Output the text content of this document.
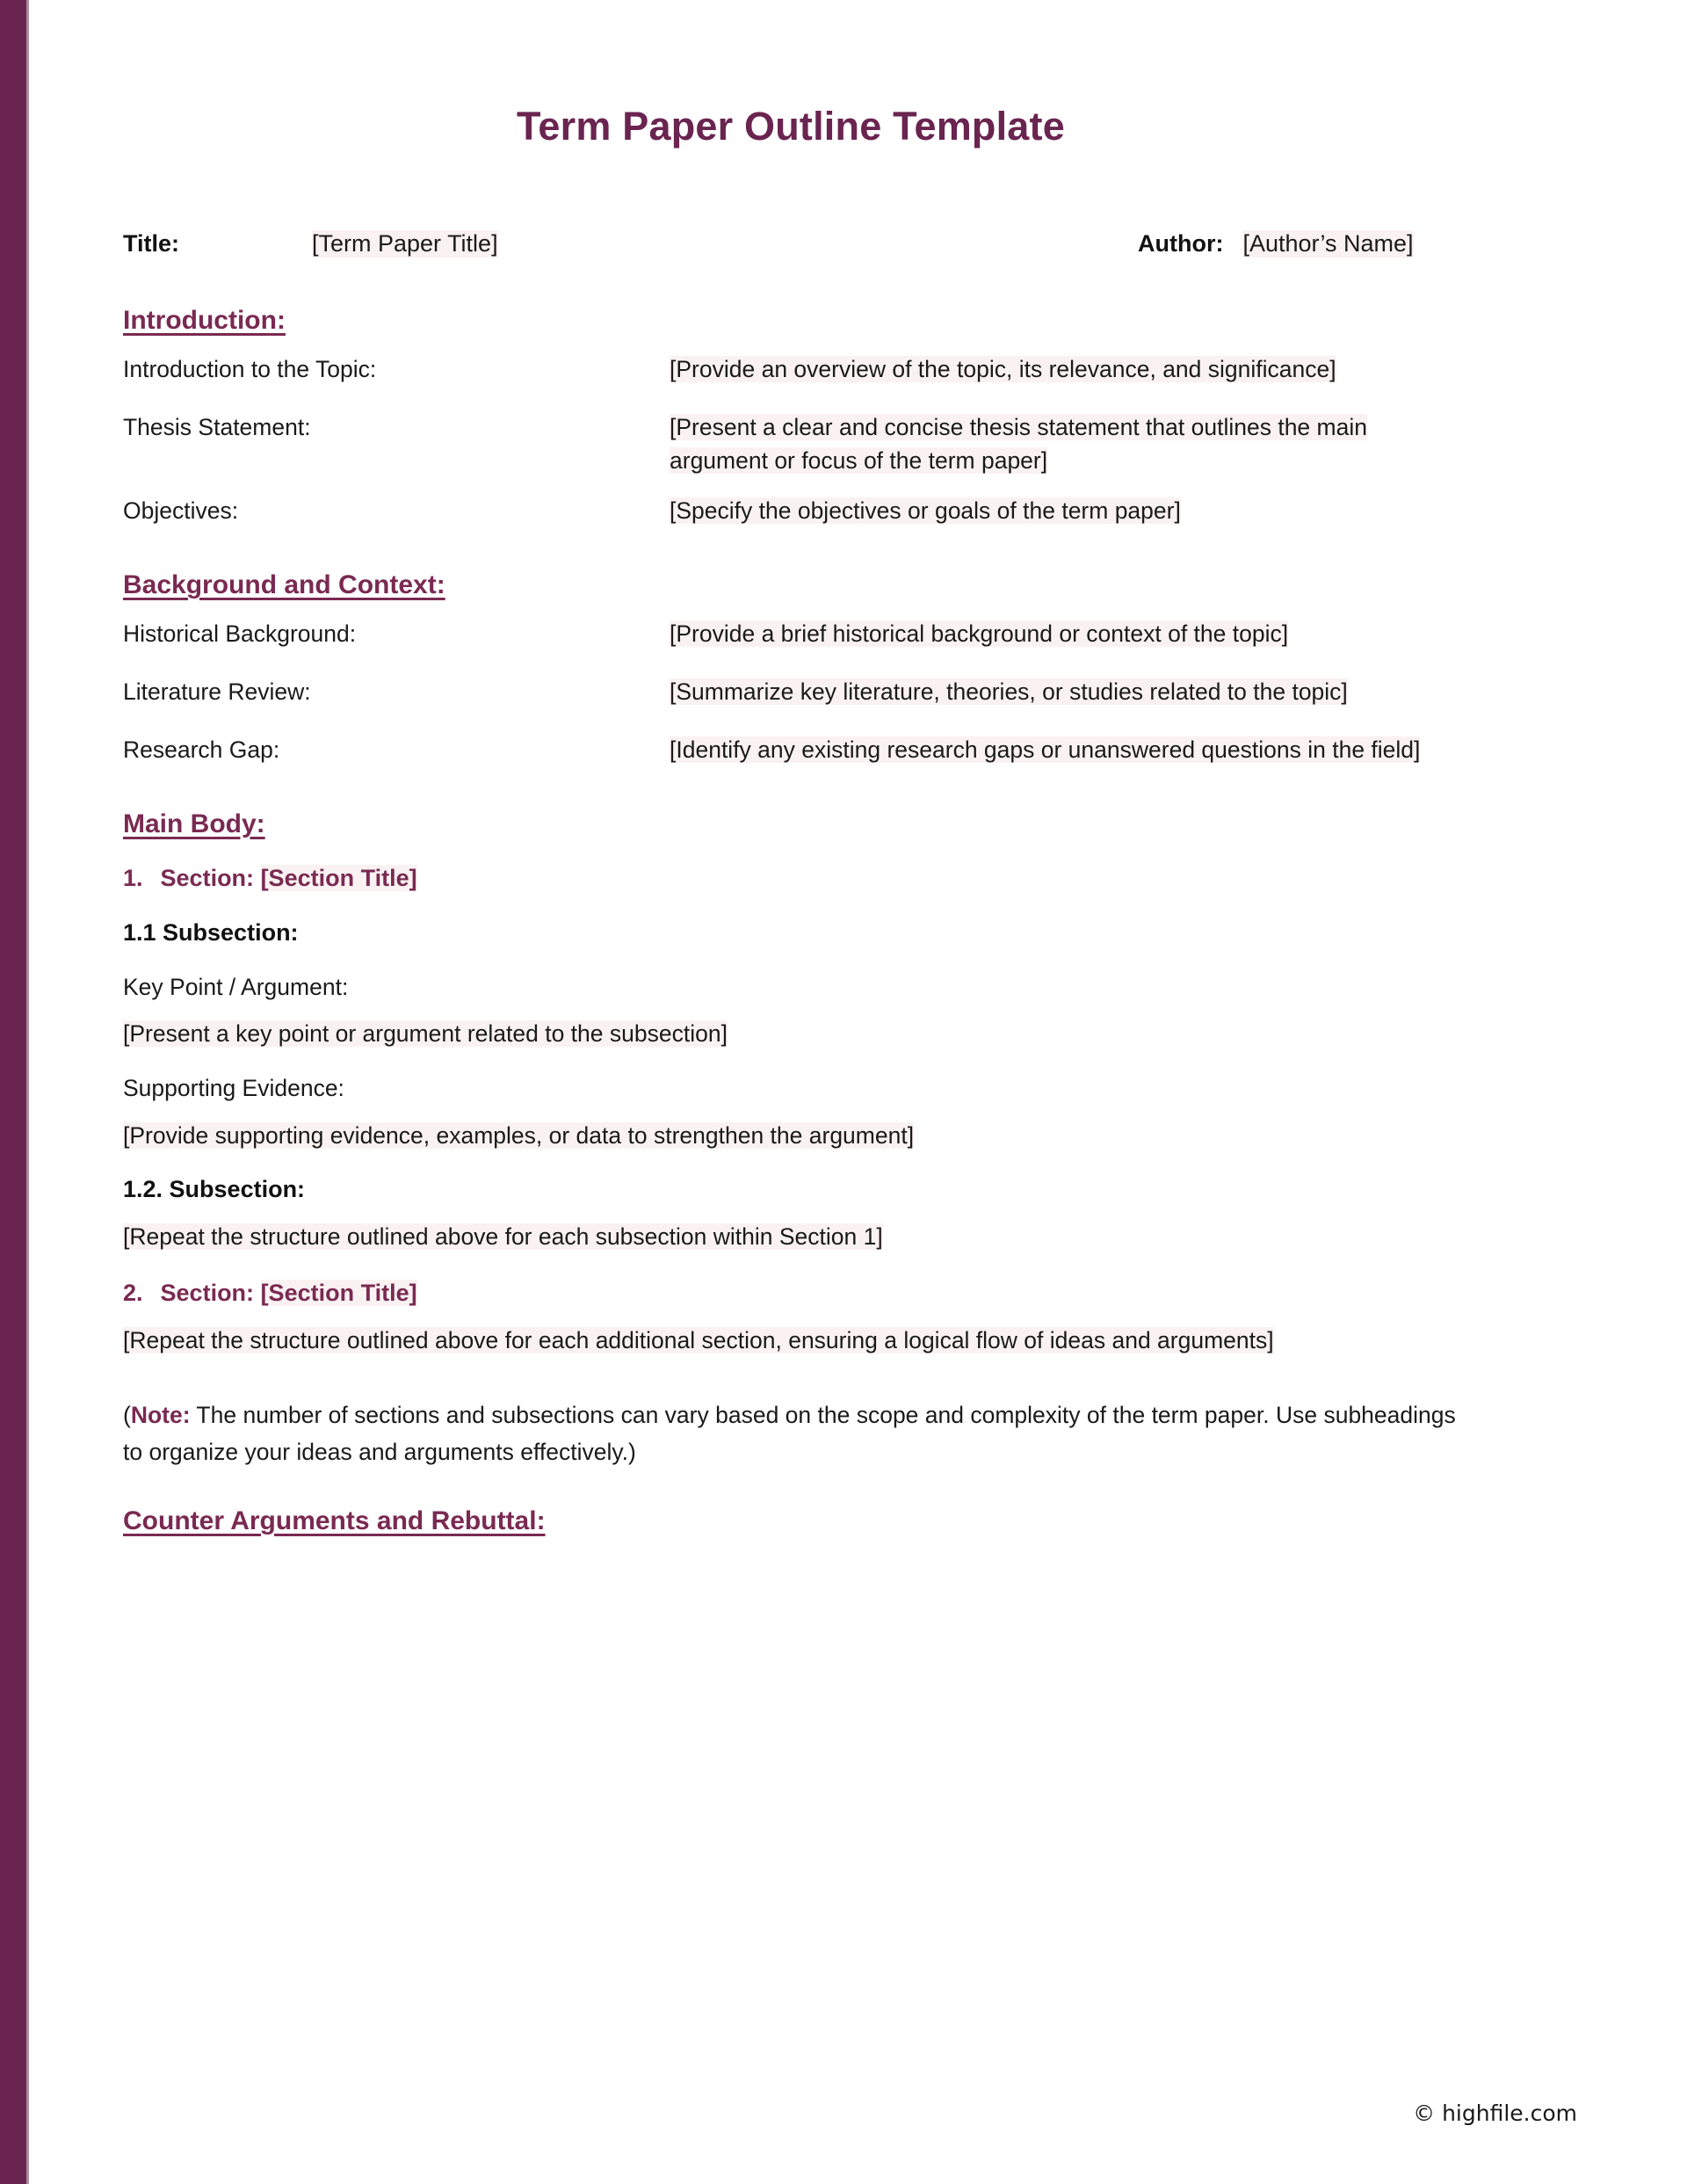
Term Paper Outline Template
Title:	[Term Paper Title]	Author: [Author’s Name]
Introduction:
Introduction to the Topic:	[Provide an overview of the topic, its relevance, and significance]
Thesis Statement:	[Present a clear and concise thesis statement that outlines the main argument or focus of the term paper]
Objectives:	[Specify the objectives or goals of the term paper]
Background and Context:
Historical Background:	[Provide a brief historical background or context of the topic]
Literature Review:	[Summarize key literature, theories, or studies related to the topic]
Research Gap:	[Identify any existing research gaps or unanswered questions in the field]
Main Body:
1. Section: [Section Title]
1.1 Subsection:
Key Point / Argument:
[Present a key point or argument related to the subsection]
Supporting Evidence:
[Provide supporting evidence, examples, or data to strengthen the argument]
1.2. Subsection:
[Repeat the structure outlined above for each subsection within Section 1]
2. Section: [Section Title]
[Repeat the structure outlined above for each additional section, ensuring a logical flow of ideas and arguments]
(Note: The number of sections and subsections can vary based on the scope and complexity of the term paper. Use subheadings to organize your ideas and arguments effectively.)
Counter Arguments and Rebuttal:
© highfile.com
